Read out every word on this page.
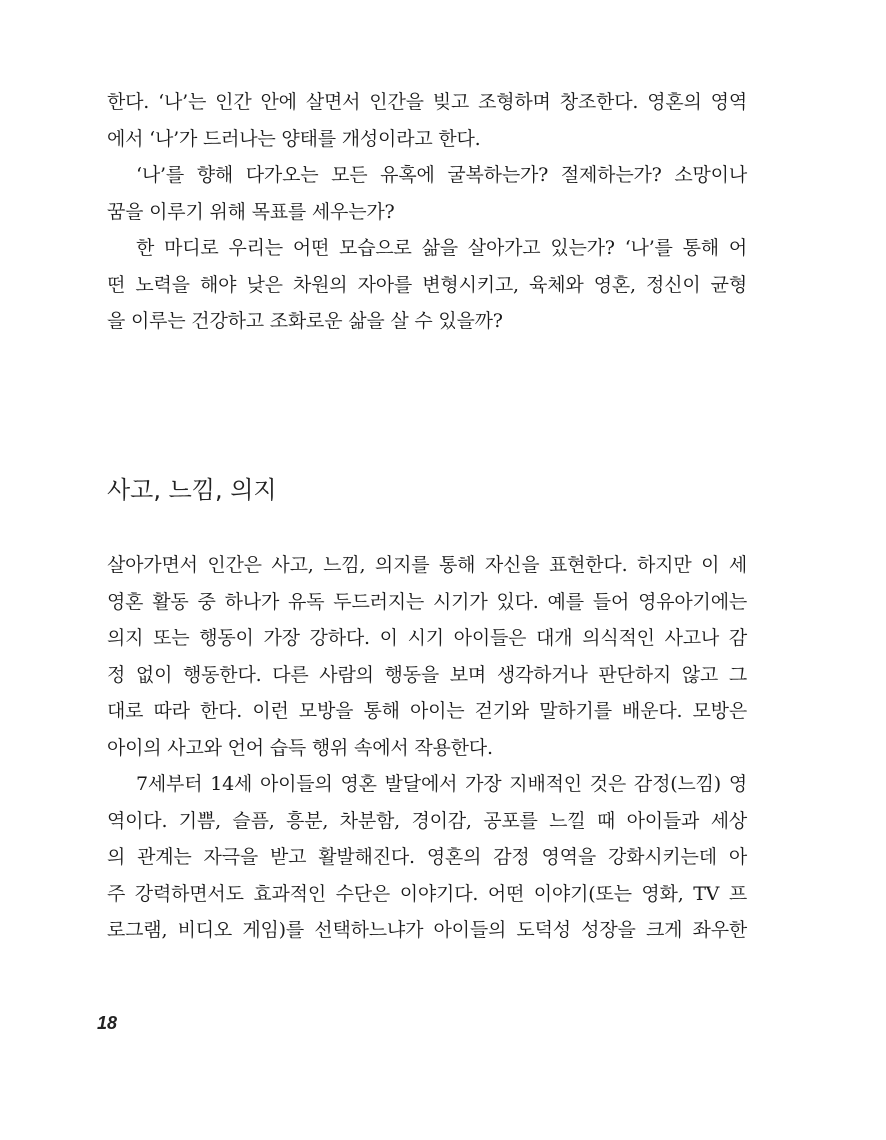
한다. ‘나’는 인간 안에 살면서 인간을 빚고 조형하며 창조한다. 영혼의 영역
에서 ‘나’가 드러나는 양태를 개성이라고 한다.
‘나’를 향해 다가오는 모든 유혹에 굴복하는가? 절제하는가? 소망이나
꿈을 이루기 위해 목표를 세우는가?
한 마디로 우리는 어떤 모습으로 삶을 살아가고 있는가? ‘나’를 통해 어
떤 노력을 해야 낮은 차원의 자아를 변형시키고, 육체와 영혼, 정신이 균형
을 이루는 건강하고 조화로운 삶을 살 수 있을까?
사고, 느낌, 의지
살아가면서 인간은 사고, 느낌, 의지를 통해 자신을 표현한다. 하지만 이 세
영혼 활동 중 하나가 유독 두드러지는 시기가 있다. 예를 들어 영유아기에는
의지 또는 행동이 가장 강하다. 이 시기 아이들은 대개 의식적인 사고나 감
정 없이 행동한다. 다른 사람의 행동을 보며 생각하거나 판단하지 않고 그
대로 따라 한다. 이런 모방을 통해 아이는 걷기와 말하기를 배운다. 모방은
아이의 사고와 언어 습득 행위 속에서 작용한다.
7세부터 14세 아이들의 영혼 발달에서 가장 지배적인 것은 감정(느낌) 영
역이다. 기쁨, 슬픔, 흥분, 차분함, 경이감, 공포를 느낄 때 아이들과 세상
의 관계는 자극을 받고 활발해진다. 영혼의 감정 영역을 강화시키는데 아
주 강력하면서도 효과적인 수단은 이야기다. 어떤 이야기(또는 영화, TV 프
로그램, 비디오 게임)를 선택하느냐가 아이들의 도덕성 성장을 크게 좌우한
18
